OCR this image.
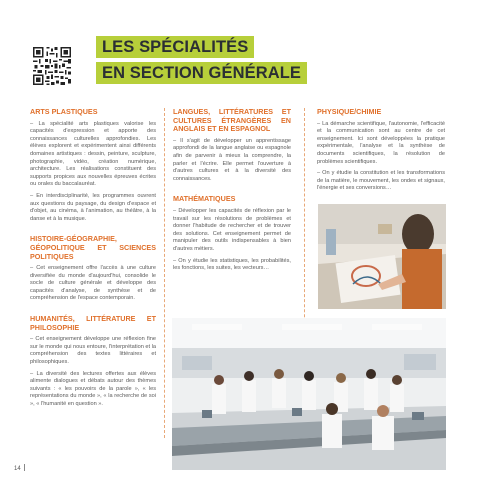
LES SPÉCIALITÉS
EN SECTION GÉNÉRALE
ARTS PLASTIQUES

– La spécialité arts plastiques valorise les capacités d'expression et apporte des connaissances culturelles approfondies. Les élèves explorent et expérimentent ainsi différents domaines artistiques : dessin, peinture, sculpture, photographie, vidéo, création numérique, architecture. Les réalisations constituent des supports propices aux nouvelles épreuves écrites ou orales du baccalauréat.

– En interdisciplinarité, les programmes ouvrent aux questions du paysage, du design d'espace et d'objet, au cinéma, à l'animation, au théâtre, à la danse et à la musique.

HISTOIRE-GÉOGRAPHIE, GÉOPOLITIQUE ET SCIENCES POLITIQUES

– Cet enseignement offre l'accès à une culture diversifiée du monde d'aujourd'hui, consolide le socle de culture générale et développe des capacités d'analyse, de synthèse et de compréhension de l'espace contemporain.

HUMANITÉS, LITTÉRATURE ET PHILOSOPHIE

– Cet enseignement développe une réflexion fine sur le monde qui nous entoure, l'interprétation et la compréhension des textes littéraires et philosophiques.

– La diversité des lectures offertes aux élèves alimente dialogues et débats autour des thèmes suivants : « les pouvoirs de la parole », « les représentations du monde », « la recherche de soi », « l'humanité en question ».

LANGUES, LITTÉRATURES ET CULTURES ÉTRANGÈRES EN ANGLAIS ET EN ESPAGNOL

– Il s'agit de développer un apprentissage approfondi de la langue anglaise ou espagnole afin de parvenir à mieux la comprendre, la parler et l'écrire. Elle permet l'ouverture à d'autres cultures et à la diversité des connaissances.

MATHÉMATIQUES

– Développer les capacités de réflexion par le travail sur les résolutions de problèmes et donner l'habitude de rechercher et de trouver des solutions. Cet enseignement permet de manipuler des outils indispensables à bien d'autres métiers.

– On y étudie les statistiques, les probabilités, les fonctions, les suites, les vecteurs…

PHYSIQUE/CHIMIE

– La démarche scientifique, l'autonomie, l'efficacité et la communication sont au centre de cet enseignement. Ici sont développées la pratique expérimentale, l'analyse et la synthèse de documents scientifiques, la résolution de problèmes scientifiques.

– On y étudie la constitution et les transformations de la matière, le mouvement, les ondes et signaux, l'énergie et ses conversions…

14
